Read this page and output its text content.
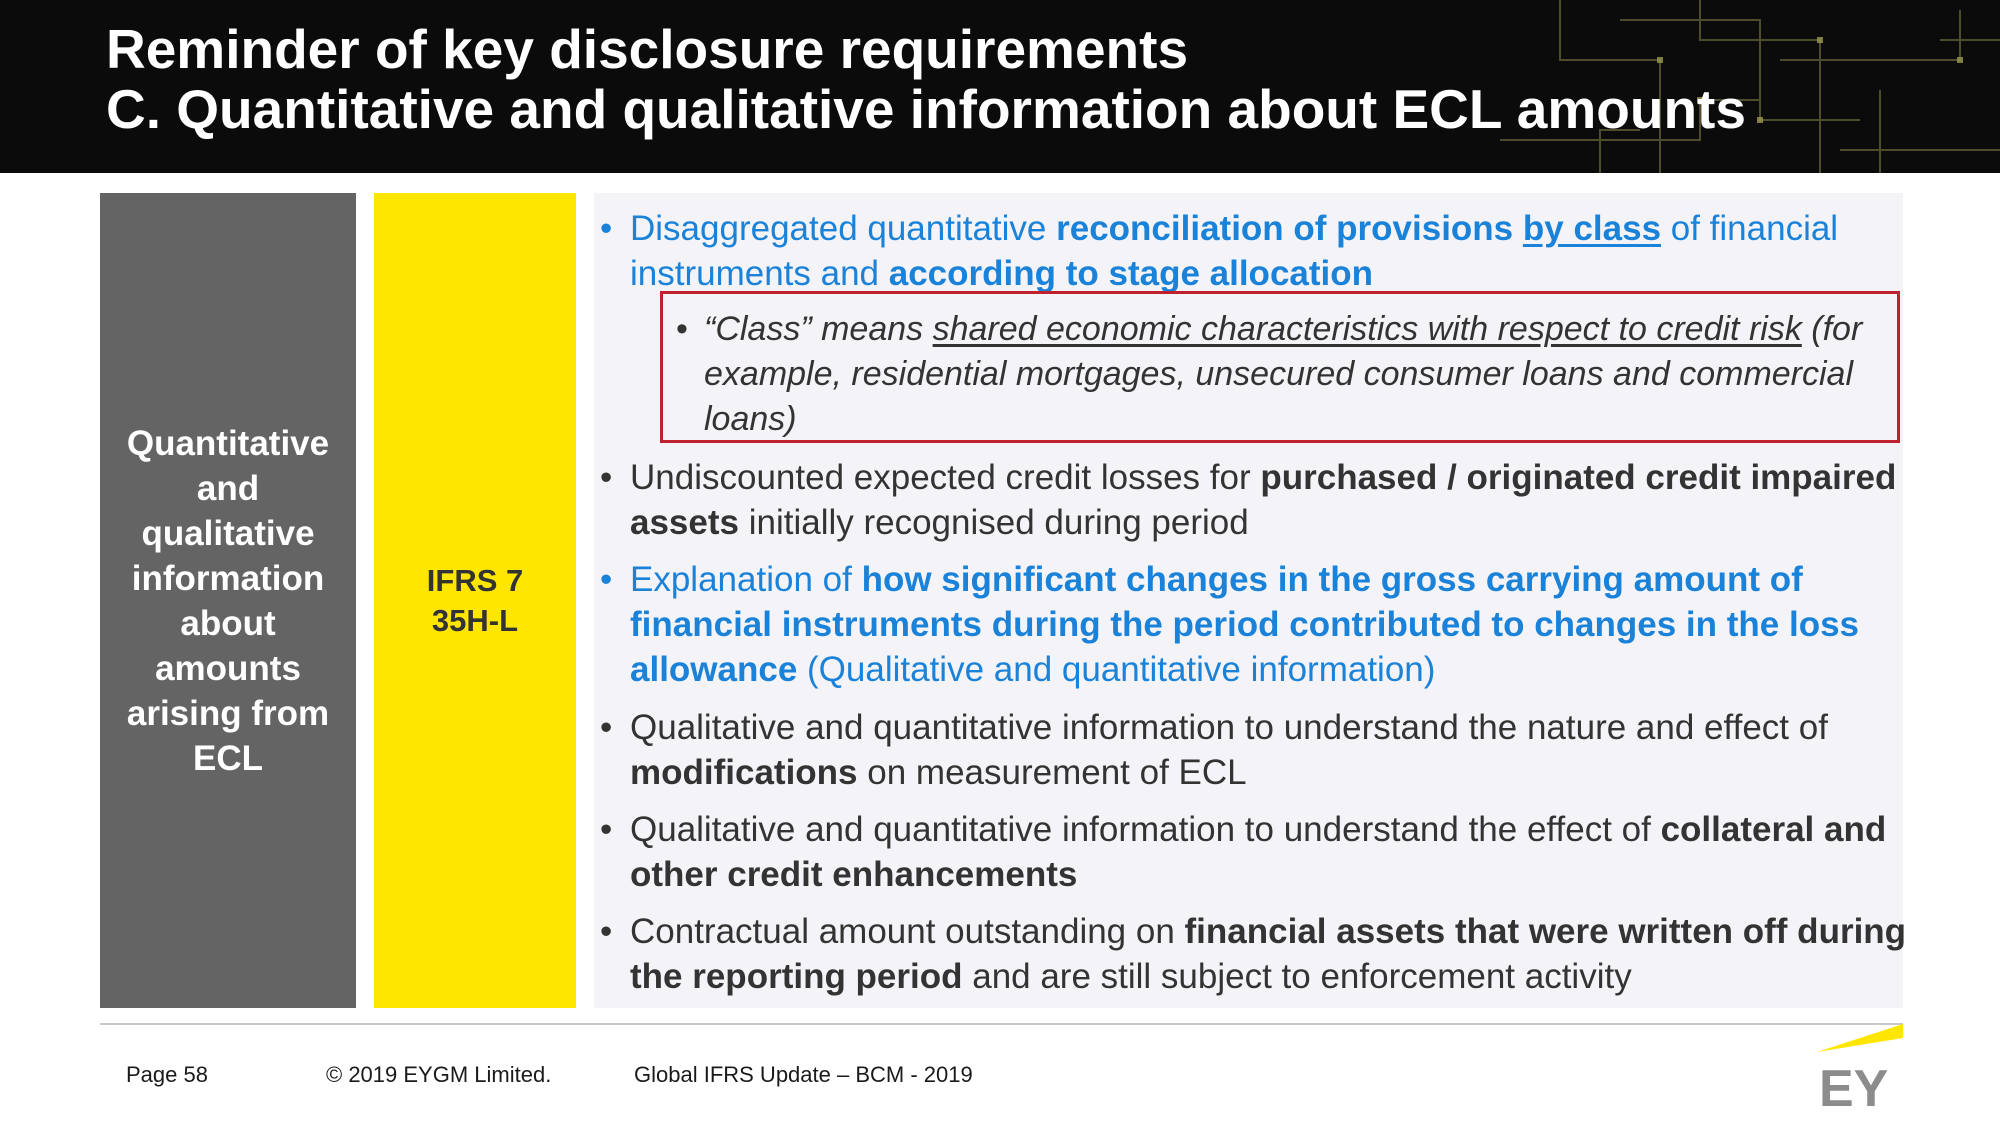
Reminder of key disclosure requirements
C. Quantitative and qualitative information about ECL amounts
Quantitative and qualitative information about amounts arising from ECL
IFRS 7
35H-L

• Disaggregated quantitative reconciliation of provisions by class of financial instruments and according to stage allocation

• “Class” means shared economic characteristics with respect to credit risk (for example, residential mortgages, unsecured consumer loans and commercial loans)

• Undiscounted expected credit losses for purchased / originated credit impaired assets initially recognised during period

• Explanation of how significant changes in the gross carrying amount of financial instruments during the period contributed to changes in the loss allowance (Qualitative and quantitative information)

• Qualitative and quantitative information to understand the nature and effect of modifications on measurement of ECL

• Qualitative and quantitative information to understand the effect of collateral and other credit enhancements

• Contractual amount outstanding on financial assets that were written off during the reporting period and are still subject to enforcement activity

Page 58	© 2019 EYGM Limited.	Global IFRS Update – BCM - 2019	EY
